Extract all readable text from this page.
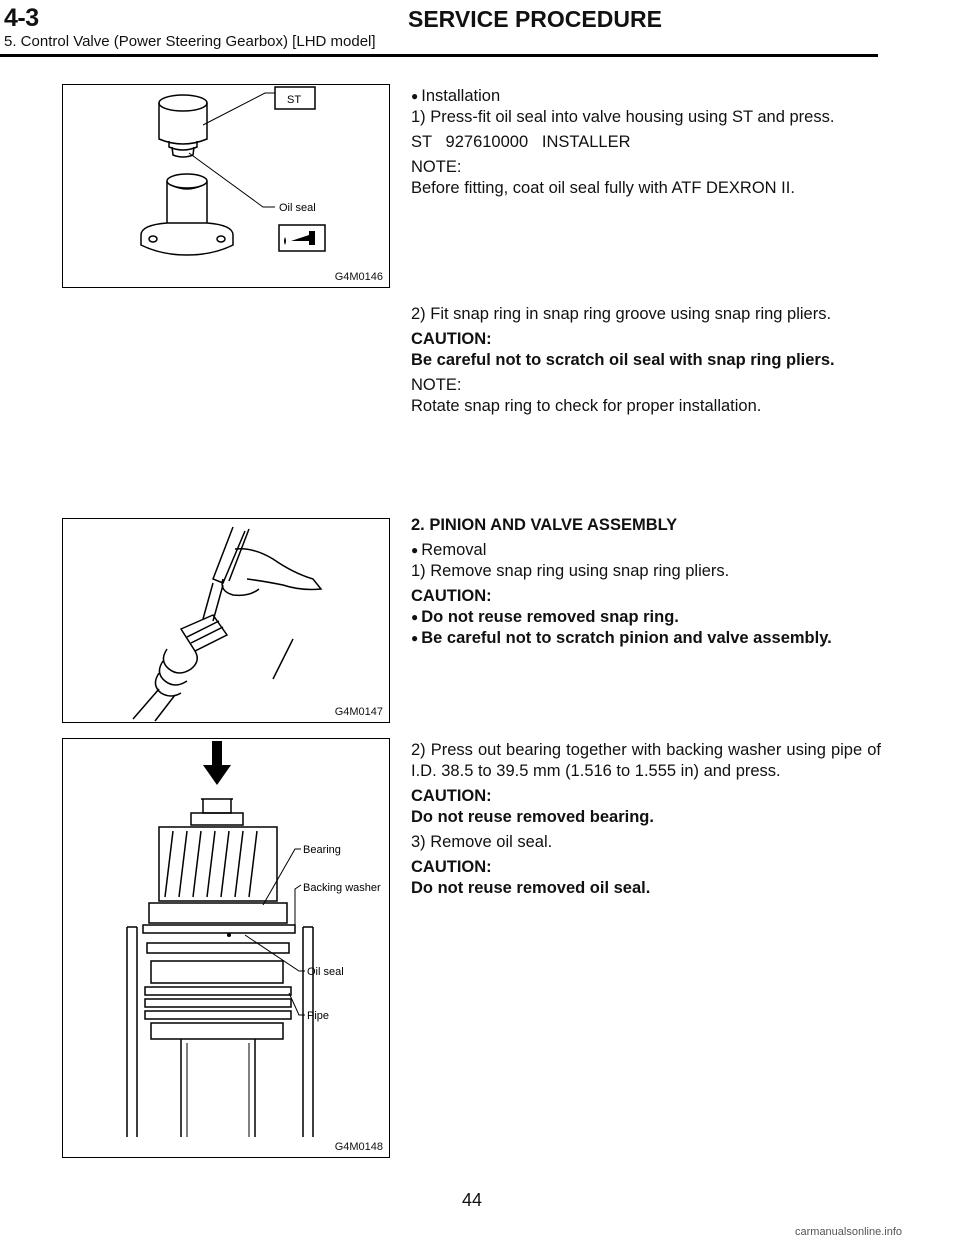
4-3	SERVICE PROCEDURE
5. Control Valve (Power Steering Gearbox) [LHD model]
ST
Oil seal
G4M0146

● Installation
1) Press-fit oil seal into valve housing using ST and press.

ST   927610000   INSTALLER

NOTE:
Before fitting, coat oil seal fully with ATF DEXRON II.

2) Fit snap ring in snap ring groove using snap ring pliers.

CAUTION:
Be careful not to scratch oil seal with snap ring pliers.

NOTE:
Rotate snap ring to check for proper installation.

G4M0147

2. PINION AND VALVE ASSEMBLY

● Removal
1) Remove snap ring using snap ring pliers.

CAUTION:
● Do not reuse removed snap ring.
● Be careful not to scratch pinion and valve assembly.

Bearing
Backing washer
Oil seal
Pipe
G4M0148

2) Press out bearing together with backing washer using pipe of I.D. 38.5 to 39.5 mm (1.516 to 1.555 in) and press.

CAUTION:
Do not reuse removed bearing.

3) Remove oil seal.

CAUTION:
Do not reuse removed oil seal.

44
carmanualsonline.info
